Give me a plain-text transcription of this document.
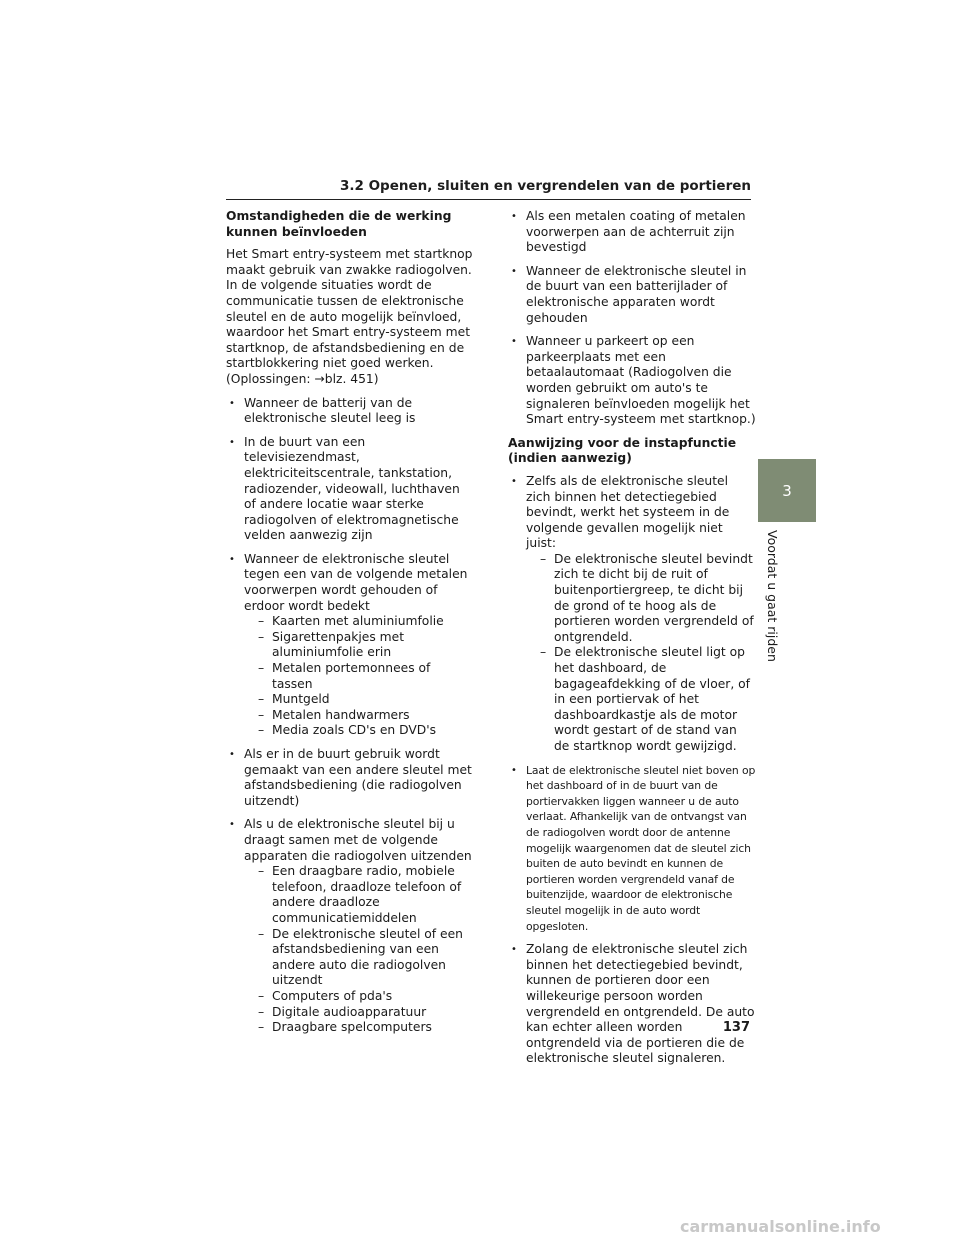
3.2 Openen, sluiten en vergrendelen van de portieren
Omstandigheden die de werking kunnen beïnvloeden

Het Smart entry-systeem met startknop maakt gebruik van zwakke radiogolven. In de volgende situaties wordt de communicatie tussen de elektronische sleutel en de auto mogelijk beïnvloed, waardoor het Smart entry-systeem met startknop, de afstandsbediening en de startblokkering niet goed werken. (Oplossingen: →blz. 451)

• Wanneer de batterij van de elektronische sleutel leeg is
• In de buurt van een televisiezendmast, elektriciteitscentrale, tankstation, radiozender, videowall, luchthaven of andere locatie waar sterke radiogolven of elektromagnetische velden aanwezig zijn
• Wanneer de elektronische sleutel tegen een van de volgende metalen voorwerpen wordt gehouden of erdoor wordt bedekt
– Kaarten met aluminiumfolie
– Sigarettenpakjes met aluminiumfolie erin
– Metalen portemonnees of tassen
– Muntgeld
– Metalen handwarmers
– Media zoals CD's en DVD's
• Als er in de buurt gebruik wordt gemaakt van een andere sleutel met afstandsbediening (die radiogolven uitzendt)
• Als u de elektronische sleutel bij u draagt samen met de volgende apparaten die radiogolven uitzenden
– Een draagbare radio, mobiele telefoon, draadloze telefoon of andere draadloze communicatiemiddelen
– De elektronische sleutel of een afstandsbediening van een andere auto die radiogolven uitzendt
– Computers of pda's
– Digitale audioapparatuur
– Draagbare spelcomputers
• Als een metalen coating of metalen voorwerpen aan de achterruit zijn bevestigd
• Wanneer de elektronische sleutel in de buurt van een batterijlader of elektronische apparaten wordt gehouden
• Wanneer u parkeert op een parkeerplaats met een betaalautomaat (Radiogolven die worden gebruikt om auto's te signaleren beïnvloeden mogelijk het Smart entry-systeem met startknop.)
Aanwijzing voor de instapfunctie (indien aanwezig)
• Zelfs als de elektronische sleutel zich binnen het detectiegebied bevindt, werkt het systeem in de volgende gevallen mogelijk niet juist:
– De elektronische sleutel bevindt zich te dicht bij de ruit of buitenportiergreep, te dicht bij de grond of te hoog als de portieren worden vergrendeld of ontgrendeld.
– De elektronische sleutel ligt op het dashboard, de bagageafdekking of de vloer, of in een portiervak of het dashboardkastje als de motor wordt gestart of de stand van de startknop wordt gewijzigd.
• Laat de elektronische sleutel niet boven op het dashboard of in de buurt van de portiervakken liggen wanneer u de auto verlaat. Afhankelijk van de ontvangst van de radiogolven wordt door de antenne mogelijk waargenomen dat de sleutel zich buiten de auto bevindt en kunnen de portieren worden vergrendeld vanaf de buitenzijde, waardoor de elektronische sleutel mogelijk in de auto wordt opgesloten.
• Zolang de elektronische sleutel zich binnen het detectiegebied bevindt, kunnen de portieren door een willekeurige persoon worden vergrendeld en ontgrendeld. De auto kan echter alleen worden ontgrendeld via de portieren die de elektronische sleutel signaleren.
3
Voordat u gaat rijden
137
carmanualsonline.info
